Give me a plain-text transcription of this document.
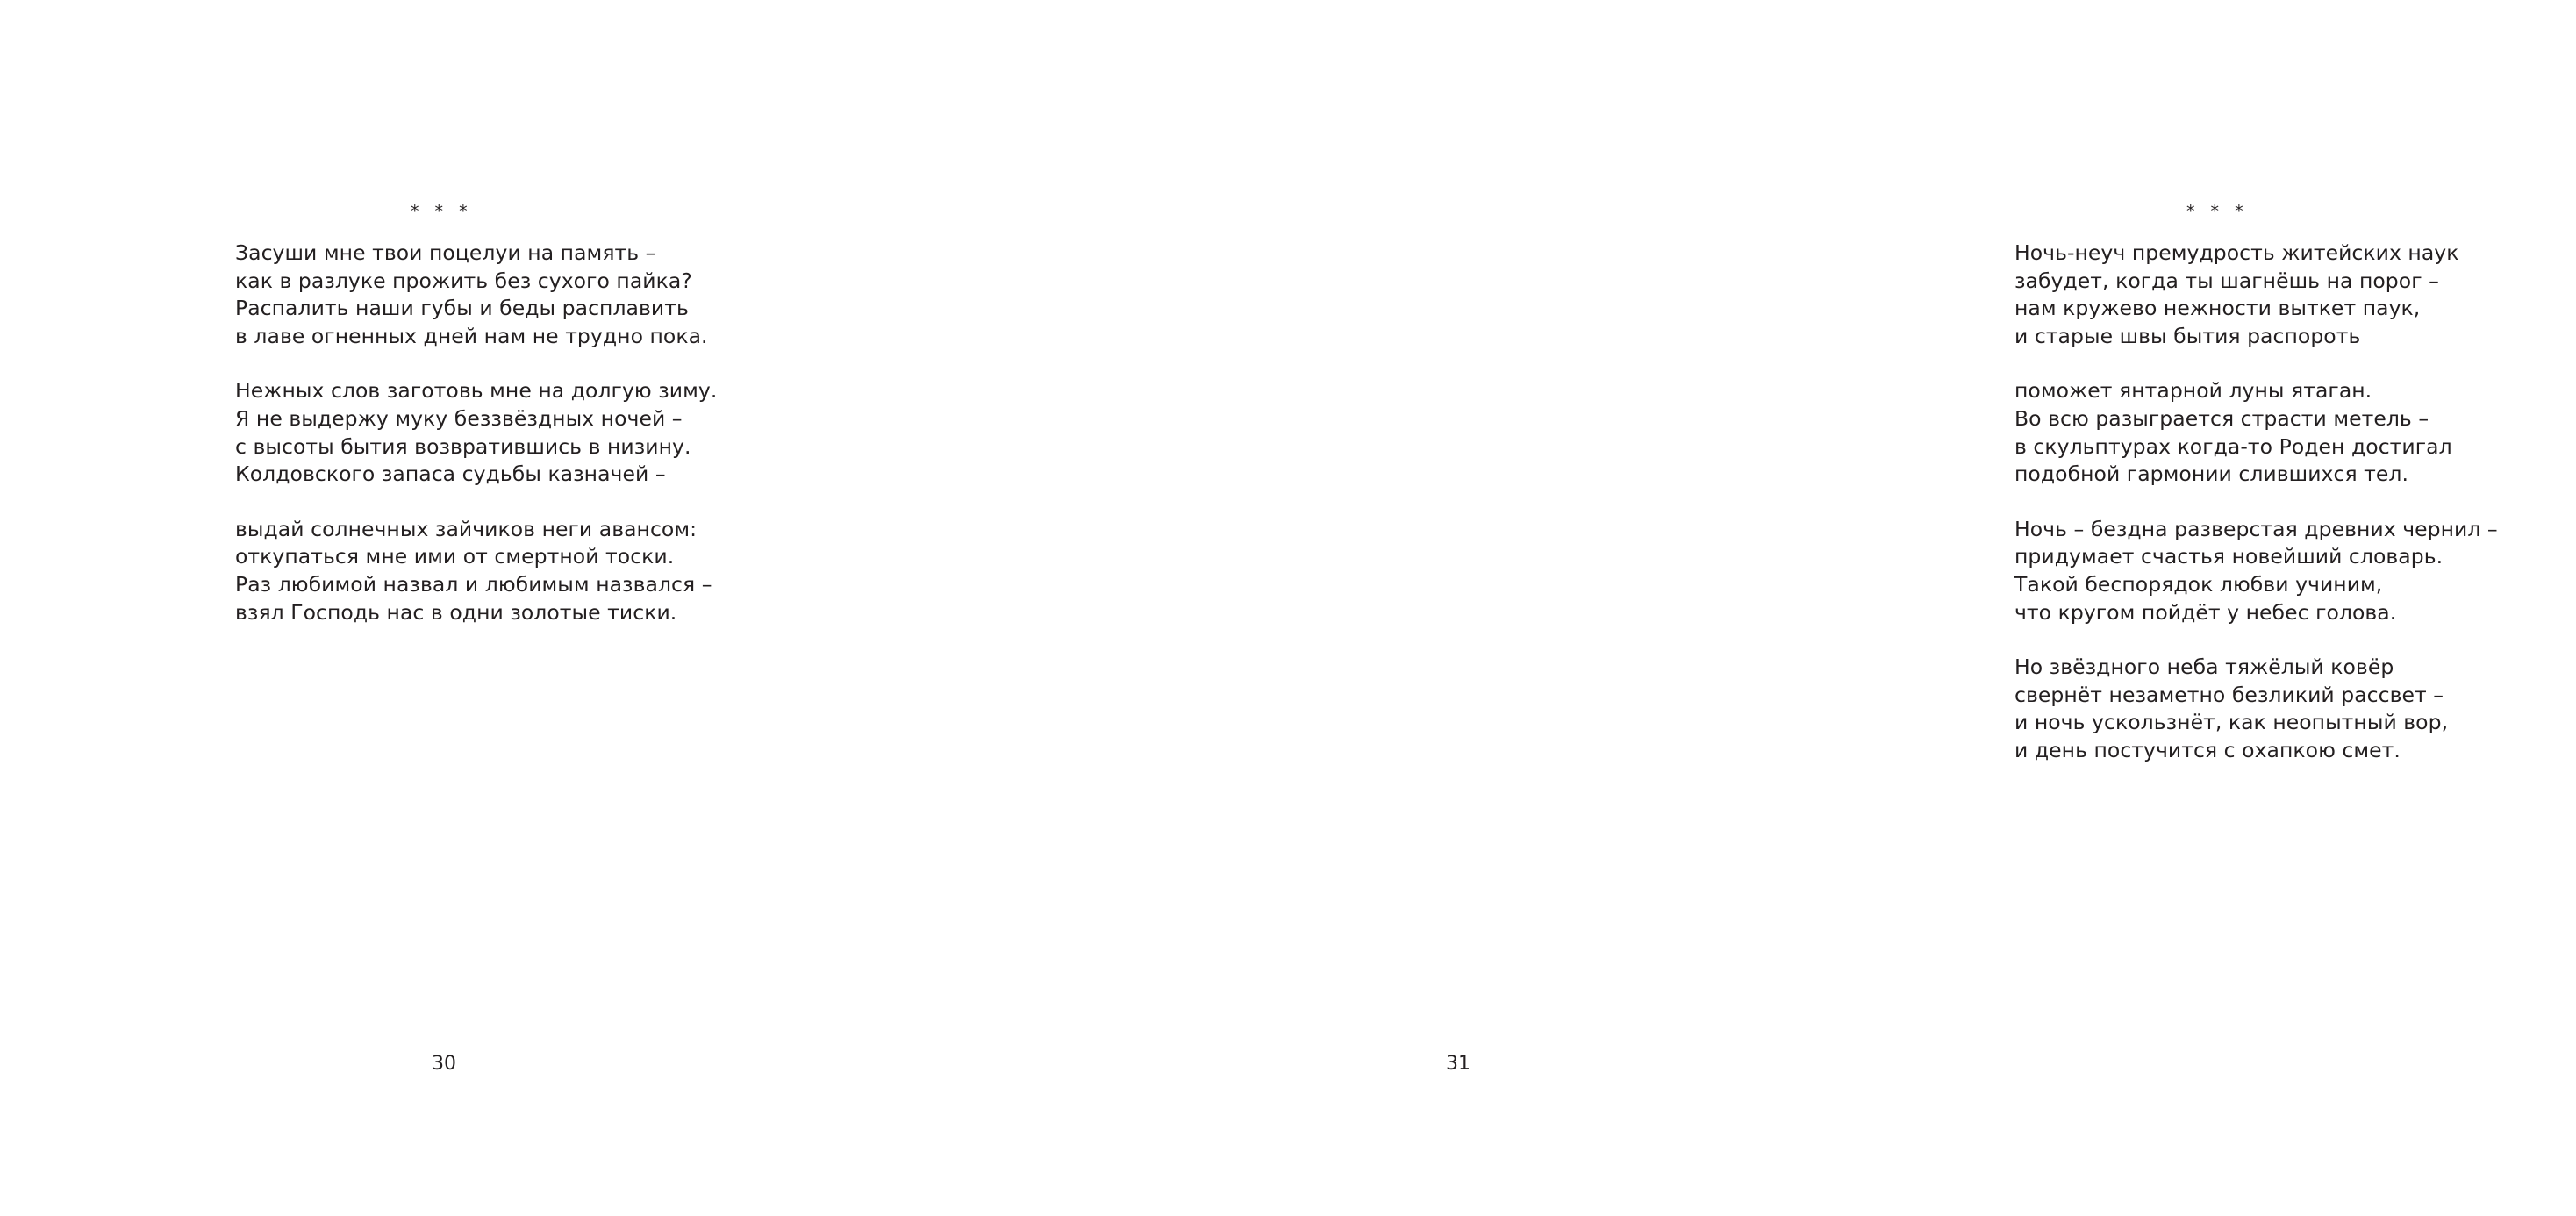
* * *
Засуши мне твои поцелуи на память –
как в разлуке прожить без сухого пайка?
Распалить наши губы и беды расплавить
в лаве огненных дней нам не трудно пока.
Нежных слов заготовь мне на долгую зиму.
Я не выдержу муку беззвёздных ночей –
с высоты бытия возвратившись в низину.
Колдовского запаса судьбы казначей –
выдай солнечных зайчиков неги авансом:
откупаться мне ими от смертной тоски.
Раз любимой назвал и любимым назвался –
взял Господь нас в одни золотые тиски.
30
* * *
Ночь-неуч премудрость житейских наук
забудет, когда ты шагнёшь на порог –
нам кружево нежности выткет паук,
и старые швы бытия распороть
поможет янтарной луны ятаган.
Во всю разыграется страсти метель –
в скульптурах когда-то Роден достигал
подобной гармонии слившихся тел.
Ночь – бездна разверстая древних чернил –
придумает счастья новейший словарь.
Такой беспорядок любви учиним,
что кругом пойдёт у небес голова.
Но звёздного неба тяжёлый ковёр
свернёт незаметно безликий рассвет –
и ночь ускользнёт, как неопытный вор,
и день постучится с охапкою смет.
31
